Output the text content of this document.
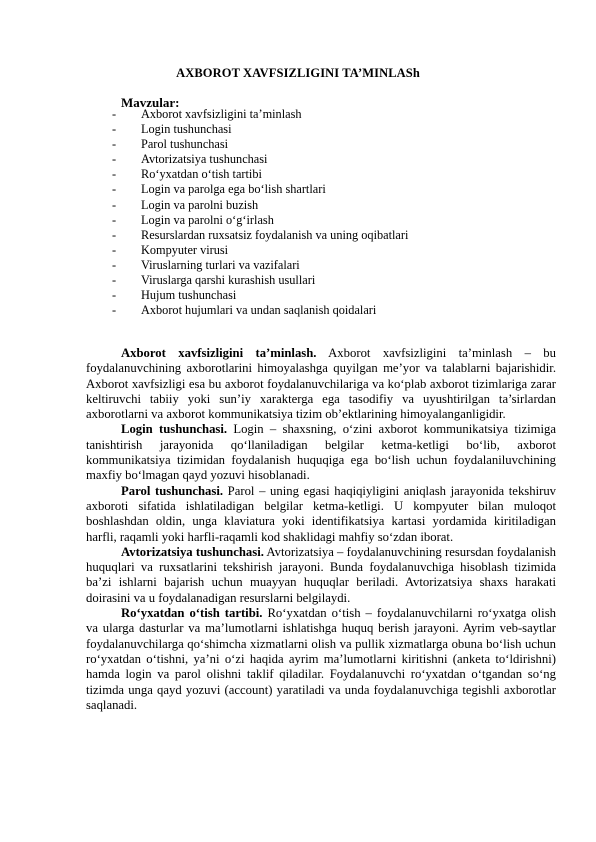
AXBOROT XAVFSIZLIGINI TA’MINLASh
Mavzular:
- Axborot xavfsizligini ta’minlash
- Login tushunchasi
- Parol tushunchasi
- Avtorizatsiya tushunchasi
- Ro‘yxatdan o‘tish tartibi
- Login va parolga ega bo‘lish shartlari
- Login va parolni buzish
- Login va parolni o‘g‘irlash
- Resurslardan ruxsatsiz foydalanish va uning oqibatlari
- Kompyuter virusi
- Viruslarning turlari va vazifalari
- Viruslarga qarshi kurashish usullari
- Hujum tushunchasi
- Axborot hujumlari va undan saqlanish qoidalari

Axborot xavfsizligini ta’minlash. Axborot xavfsizligini ta’minlash – bu foydalanuvchining axborotlarini himoyalashga quyilgan me’yor va talablarni bajarishidir. Axborot xavfsizligi esa bu axborot foydalanuvchilariga va ko‘plab axborot tizimlariga zarar keltiruvchi tabiiy yoki sun’iy xarakterga ega tasodifiy va uyushtirilgan ta’sirlardan axborotlarni va axborot kommunikatsiya tizim ob’ektlarining himoyalanganligidir.

Login tushunchasi. Login – shaxsning, o‘zini axborot kommunikatsiya tizimiga tanishtirish jarayonida qo‘llaniladigan belgilar ketma-ketligi bo‘lib, axborot kommunikatsiya tizimidan foydalanish huquqiga ega bo‘lish uchun foydalaniluvchining maxfiy bo‘lmagan qayd yozuvi hisoblanadi.

Parol tushunchasi. Parol – uning egasi haqiqiyligini aniqlash jarayonida tekshiruv axboroti sifatida ishlatiladigan belgilar ketma-ketligi. U kompyuter bilan muloqot boshlashdan oldin, unga klaviatura yoki identifikatsiya kartasi yordamida kiritiladigan harfli, raqamli yoki harfli-raqamli kod shaklidagi mahfiy so‘zdan iborat.

Avtorizatsiya tushunchasi. Avtorizatsiya – foydalanuvchining resursdan foydalanish huquqlari va ruxsatlarini tekshirish jarayoni. Bunda foydalanuvchiga hisoblash tizimida ba’zi ishlarni bajarish uchun muayyan huquqlar beriladi. Avtorizatsiya shaxs harakati doirasini va u foydalanadigan resurslarni belgilaydi.

Ro‘yxatdan o‘tish tartibi. Ro‘yxatdan o‘tish – foydalanuvchilarni ro‘yxatga olish va ularga dasturlar va ma’lumotlarni ishlatishga huquq berish jarayoni. Ayrim veb-saytlar foydalanuvchilarga qo‘shimcha xizmatlarni olish va pullik xizmatlarga obuna bo‘lish uchun ro‘yxatdan o‘tishni, ya’ni o‘zi haqida ayrim ma’lumotlarni kiritishni (anketa to‘ldirishni) hamda login va parol olishni taklif qiladilar. Foydalanuvchi ro‘yxatdan o‘tgandan so‘ng tizimda unga qayd yozuvi (account) yaratiladi va unda foydalanuvchiga tegishli axborotlar saqlanadi.
